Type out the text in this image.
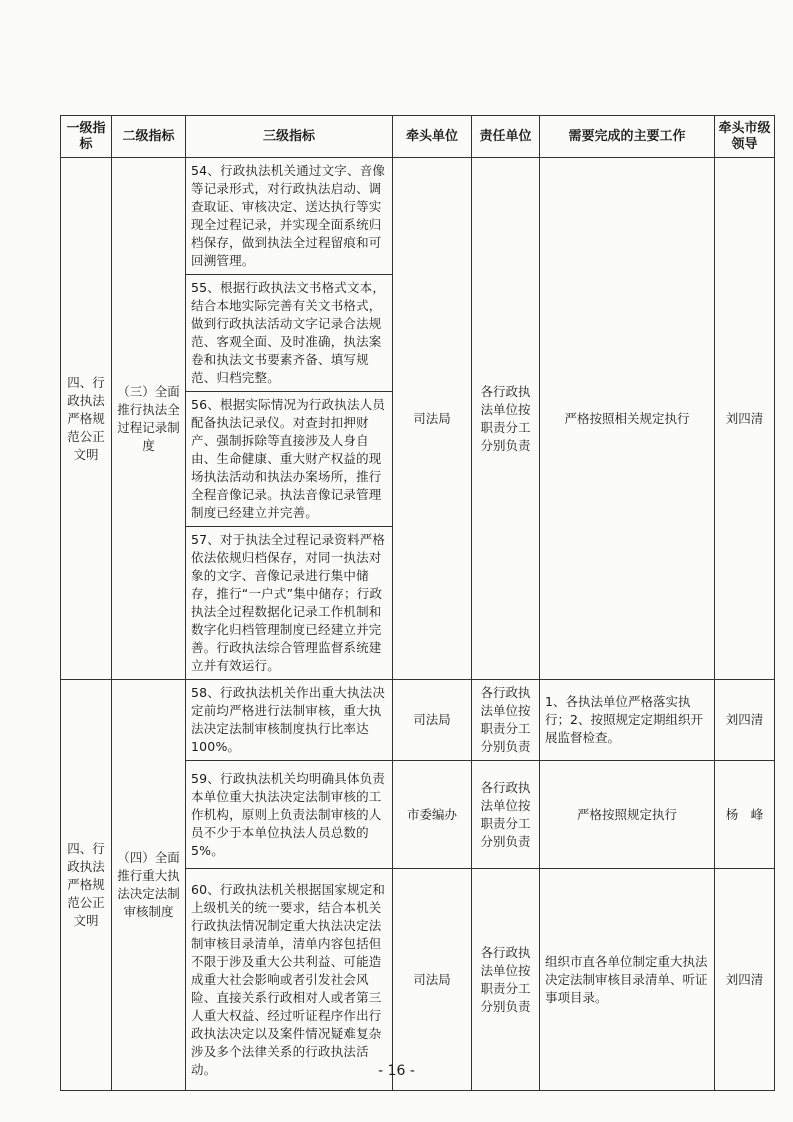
一级指标	二级指标	三级指标	牵头单位	责任单位	需要完成的主要工作	牵头市级领导
四、行政执法严格规范公正文明	（三）全面推行执法全过程记录制度	54、行政执法机关通过文字、音像等记录形式，对行政执法启动、调查取证、审核决定、送达执行等实现全过程记录，并实现全面系统归档保存，做到执法全过程留痕和可回溯管理。	司法局	各行政执法单位按职责分工分别负责	严格按照相关规定执行	刘四清
		55、根据行政执法文书格式文本，结合本地实际完善有关文书格式，做到行政执法活动文字记录合法规范、客观全面、及时准确，执法案卷和执法文书要素齐备、填写规范、归档完整。				
		56、根据实际情况为行政执法人员配备执法记录仪。对查封扣押财产、强制拆除等直接涉及人身自由、生命健康、重大财产权益的现场执法活动和执法办案场所，推行全程音像记录。执法音像记录管理制度已经建立并完善。				
		57、对于执法全过程记录资料严格依法依规归档保存，对同一执法对象的文字、音像记录进行集中储存，推行“一户式”集中储存；行政执法全过程数据化记录工作机制和数字化归档管理制度已经建立并完善。行政执法综合管理监督系统建立并有效运行。				
四、行政执法严格规范公正文明	（四）全面推行重大执法决定法制审核制度	58、行政执法机关作出重大执法决定前均严格进行法制审核，重大执法决定法制审核制度执行比率达 100%。	司法局	各行政执法单位按职责分工分别负责	1、各执法单位严格落实执行；2、按照规定定期组织开展监督检查。	刘四清
		59、行政执法机关均明确具体负责本单位重大执法决定法制审核的工作机构，原则上负责法制审核的人员不少于本单位执法人员总数的 5%。	市委编办	各行政执法单位按职责分工分别负责	严格按照规定执行	杨　峰
		60、行政执法机关根据国家规定和上级机关的统一要求，结合本机关行政执法情况制定重大执法决定法制审核目录清单，清单内容包括但不限于涉及重大公共利益、可能造成重大社会影响或者引发社会风险、直接关系行政相对人或者第三人重大权益、经过听证程序作出行政执法决定以及案件情况疑难复杂涉及多个法律关系的行政执法活动。	司法局	各行政执法单位按职责分工分别负责	组织市直各单位制定重大执法决定法制审核目录清单、听证事项目录。	刘四清
- 16 -
